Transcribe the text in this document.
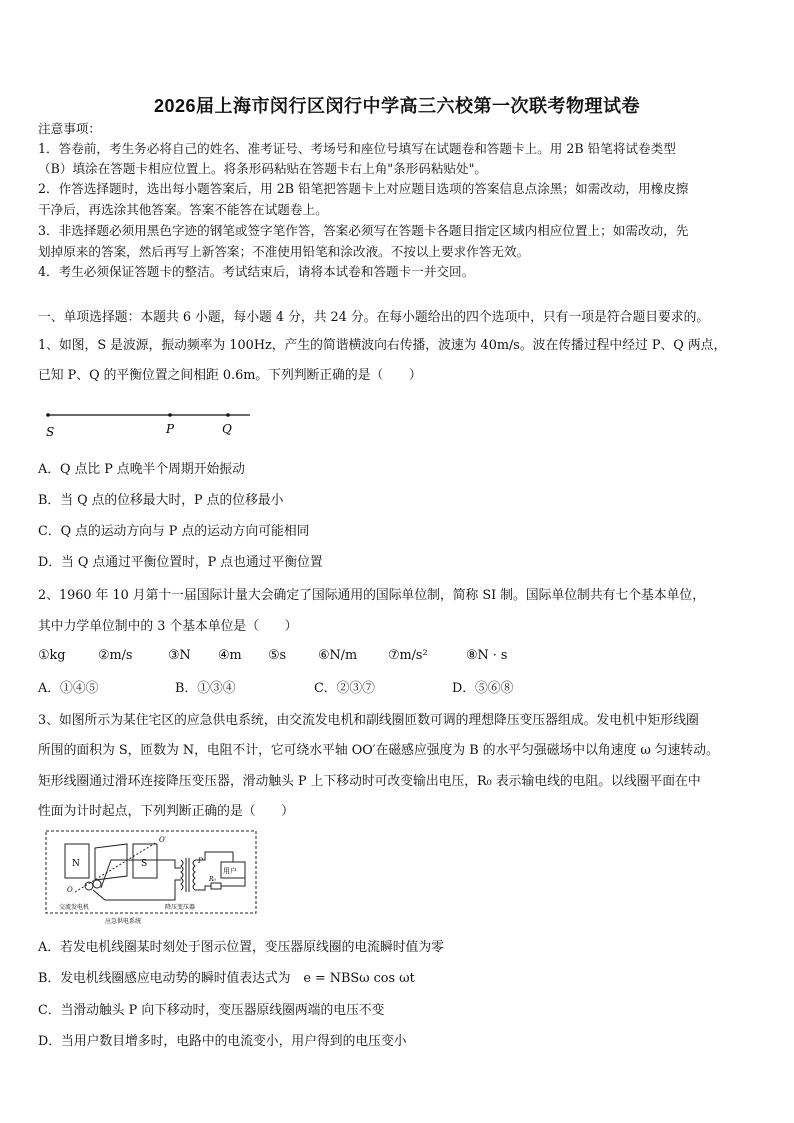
2026届上海市闵行区闵行中学高三六校第一次联考物理试卷
注意事项：
1．答卷前，考生务必将自己的姓名、准考证号、考场号和座位号填写在试题卷和答题卡上。用 2B 铅笔将试卷类型
（B）填涂在答题卡相应位置上。将条形码粘贴在答题卡右上角"条形码粘贴处"。
2．作答选择题时，选出每小题答案后，用 2B 铅笔把答题卡上对应题目选项的答案信息点涂黑；如需改动，用橡皮擦
干净后，再选涂其他答案。答案不能答在试题卷上。
3．非选择题必须用黑色字迹的钢笔或签字笔作答，答案必须写在答题卡各题目指定区域内相应位置上；如需改动，先
划掉原来的答案，然后再写上新答案；不准使用铅笔和涂改液。不按以上要求作答无效。
4．考生必须保证答题卡的整洁。考试结束后，请将本试卷和答题卡一并交回。
一、单项选择题：本题共 6 小题，每小题 4 分，共 24 分。在每小题给出的四个选项中，只有一项是符合题目要求的。
1、如图，S 是波源，振动频率为 100Hz，产生的简谐横波向右传播，波速为 40m/s。波在传播过程中经过 P、Q 两点，
已知 P、Q 的平衡位置之间相距 0.6m。下列判断正确的是（　　）
S	P	Q
A．Q 点比 P 点晚半个周期开始振动
B．当 Q 点的位移最大时，P 点的位移最小
C．Q 点的运动方向与 P 点的运动方向可能相同
D．当 Q 点通过平衡位置时，P 点也通过平衡位置
2、1960 年 10 月第十一届国际计量大会确定了国际通用的国际单位制，简称 SI 制。国际单位制共有七个基本单位，
其中力学单位制中的 3 个基本单位是（　　）
①kg	②m/s	③N ④m ⑤s ⑥N/m ⑦m/s²	⑧N · s
A．①④⑤	B．①③④	C．②③⑦	D．⑤⑥⑧
3、如图所示为某住宅区的应急供电系统，由交流发电机和副线圈匝数可调的理想降压变压器组成。发电机中矩形线圈
所围的面积为 S，匝数为 N，电阻不计，它可绕水平轴 OO′在磁感应强度为 B 的水平匀强磁场中以角速度 ω 匀速转动。
矩形线圈通过滑环连接降压变压器，滑动触头 P 上下移动时可改变输出电压，R₀ 表示输电线的电阻。以线圈平面在中
性面为计时起点，下列判断正确的是（　　）
N	S
O
O′
P
R₀
用户
交流发电机	降压变压器
应急供电系统
A．若发电机线圈某时刻处于图示位置，变压器原线圈的电流瞬时值为零
B．发电机线圈感应电动势的瞬时值表达式为　e = NBSω cos ωt
C．当滑动触头 P 向下移动时，变压器原线圈两端的电压不变
D．当用户数目增多时，电路中的电流变小，用户得到的电压变小
